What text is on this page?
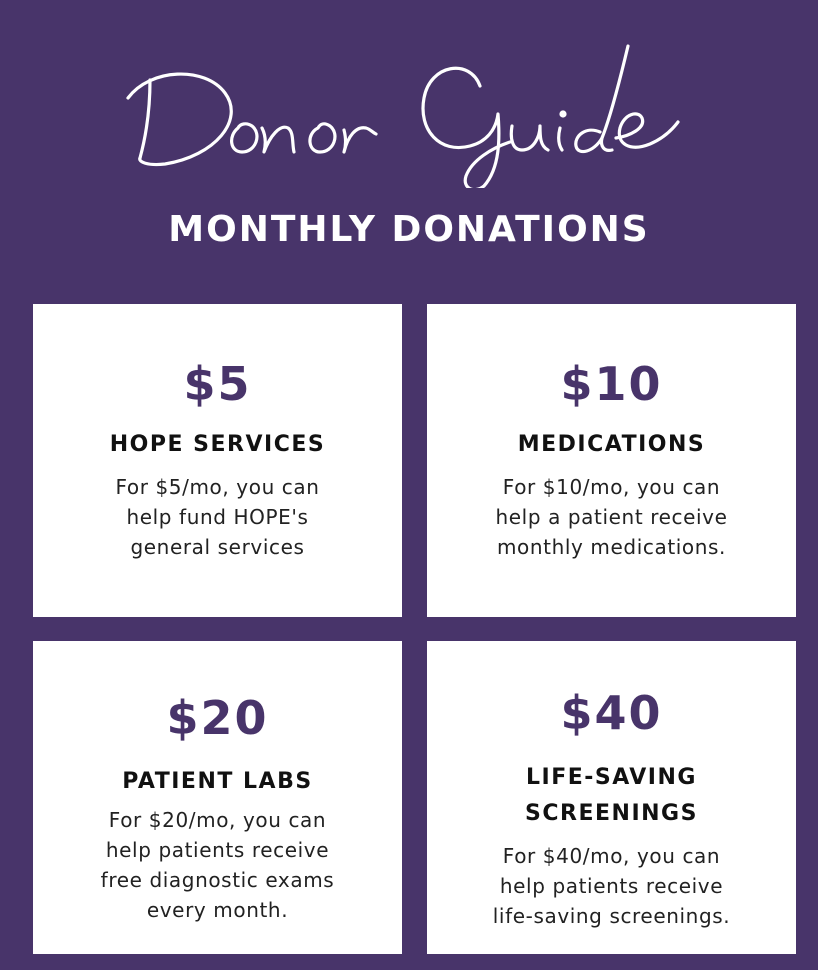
MONTHLY DONATIONS
$5
HOPE SERVICES
For $5/mo, you can
help fund HOPE's
general services
$10
MEDICATIONS
For $10/mo, you can
help a patient receive
monthly medications.
$20
PATIENT LABS
For $20/mo, you can
help patients receive
free diagnostic exams
every month.
$40
LIFE-SAVING
SCREENINGS
For $40/mo, you can
help patients receive
life-saving screenings.
